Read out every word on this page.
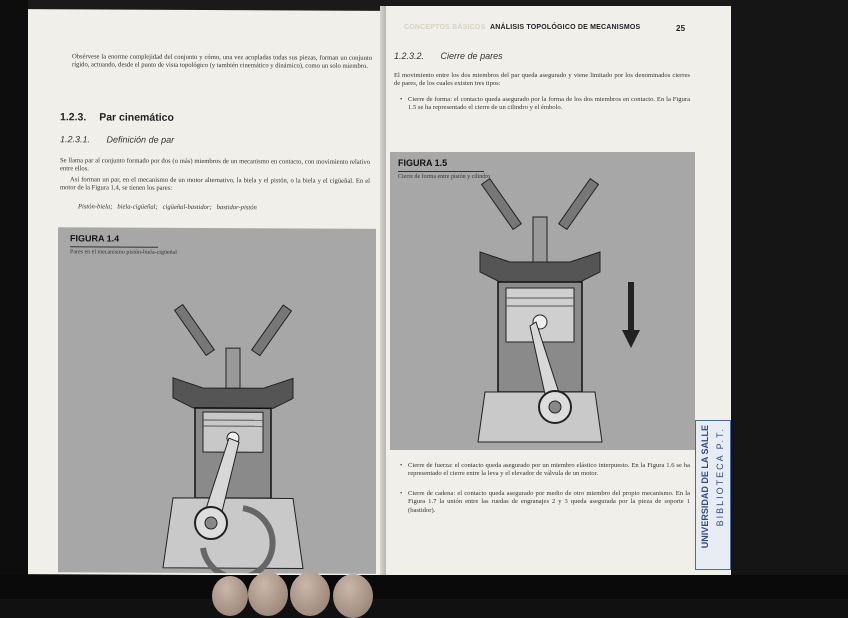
Obsérvese la enorme complejidad del conjunto y cómo, una vez acopladas todas sus piezas, forman un conjunto rígido, actuando, desde el punto de vista topológico (y también cinemático y dinámico), como un solo miembro.
1.2.3. Par cinemático
1.2.3.1. Definición de par
Se llama par al conjunto formado por dos (o más) miembros de un mecanismo en contacto, con movimiento relativo entre ellos.
Así forman un par, en el mecanismo de un motor alternativo, la biela y el pistón, o la biela y el cigüeñal. En el motor de la Figura 1.4, se tienen los pares:
Pistón-biela;   biela-cigüeñal;   cigüeñal-bastidor;   bastidor-pistón
FIGURA 1.4
Pares en el mecanismo pistón-biela-cigüeñal
CONCEPTOS BÁSICOS ANÁLISIS TOPOLÓGICO DE MECANISMOS	25
1.2.3.2. Cierre de pares
El movimiento entre los dos miembros del par queda asegurado y viene limitado por los denominados cierres de pares, de los cuales existen tres tipos:
• Cierre de forma: el contacto queda asegurado por la forma de los dos miembros en contacto. En la Figura 1.5 se ha representado el cierre de un cilindro y el émbolo.
FIGURA 1.5
Cierre de forma entre pistón y cilindro
• Cierre de fuerza: el contacto queda asegurado por un miembro elástico interpuesto. En la Figura 1.6 se ha representado el cierre entre la leva y el elevador de válvula de un motor.
• Cierre de cadena: el contacto queda asegurado por medio de otro miembro del propio mecanismo. En la Figura 1.7 la unión entre las ruedas de engranajes 2 y 3 queda asegurada por la pieza de soporte 1 (bastidor).	UNIVERSIDAD DE LA SALLE BIBLIOTECA P.T.
